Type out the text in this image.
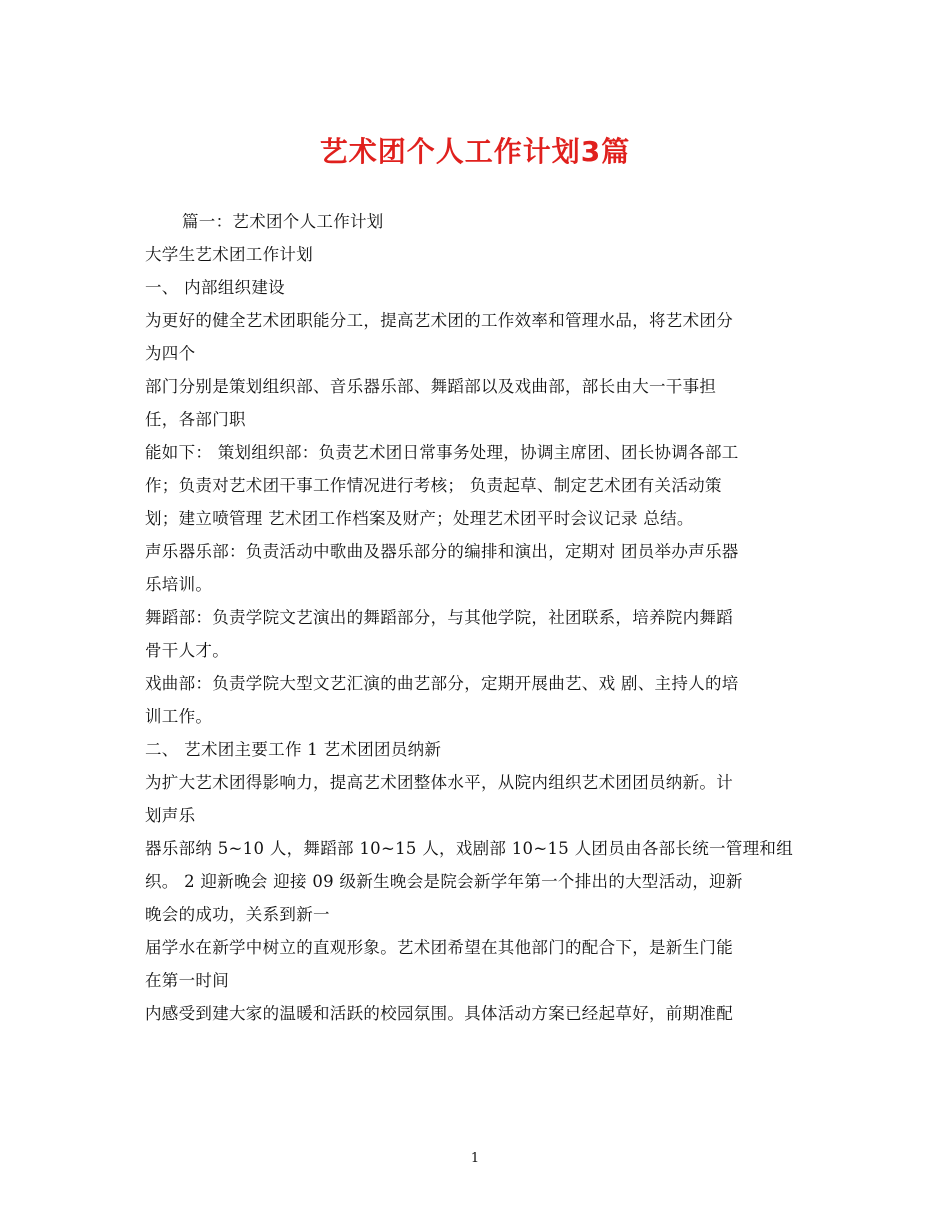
艺术团个人工作计划3篇
篇一：艺术团个人工作计划
大学生艺术团工作计划
一、 内部组织建设
为更好的健全艺术团职能分工，提高艺术团的工作效率和管理水品，将艺术团分
为四个
部门分别是策划组织部、音乐器乐部、舞蹈部以及戏曲部，部长由大一干事担
任，各部门职
能如下： 策划组织部：负责艺术团日常事务处理，协调主席团、团长协调各部工
作；负责对艺术团干事工作情况进行考核； 负责起草、制定艺术团有关活动策
划；建立喷管理 艺术团工作档案及财产；处理艺术团平时会议记录 总结。
声乐器乐部：负责活动中歌曲及器乐部分的编排和演出，定期对 团员举办声乐器
乐培训。
舞蹈部：负责学院文艺演出的舞蹈部分，与其他学院，社团联系，培养院内舞蹈
骨干人才。
戏曲部：负责学院大型文艺汇演的曲艺部分，定期开展曲艺、戏 剧、主持人的培
训工作。
二、 艺术团主要工作 1 艺术团团员纳新
为扩大艺术团得影响力，提高艺术团整体水平，从院内组织艺术团团员纳新。计
划声乐
器乐部纳 5~10 人，舞蹈部 10~15 人，戏剧部 10~15 人团员由各部长统一管理和组
织。 2 迎新晚会 迎接 09 级新生晚会是院会新学年第一个排出的大型活动，迎新
晚会的成功，关系到新一
届学水在新学中树立的直观形象。艺术团希望在其他部门的配合下，是新生门能
在第一时间
内感受到建大家的温暖和活跃的校园氛围。具体活动方案已经起草好，前期准配
1
